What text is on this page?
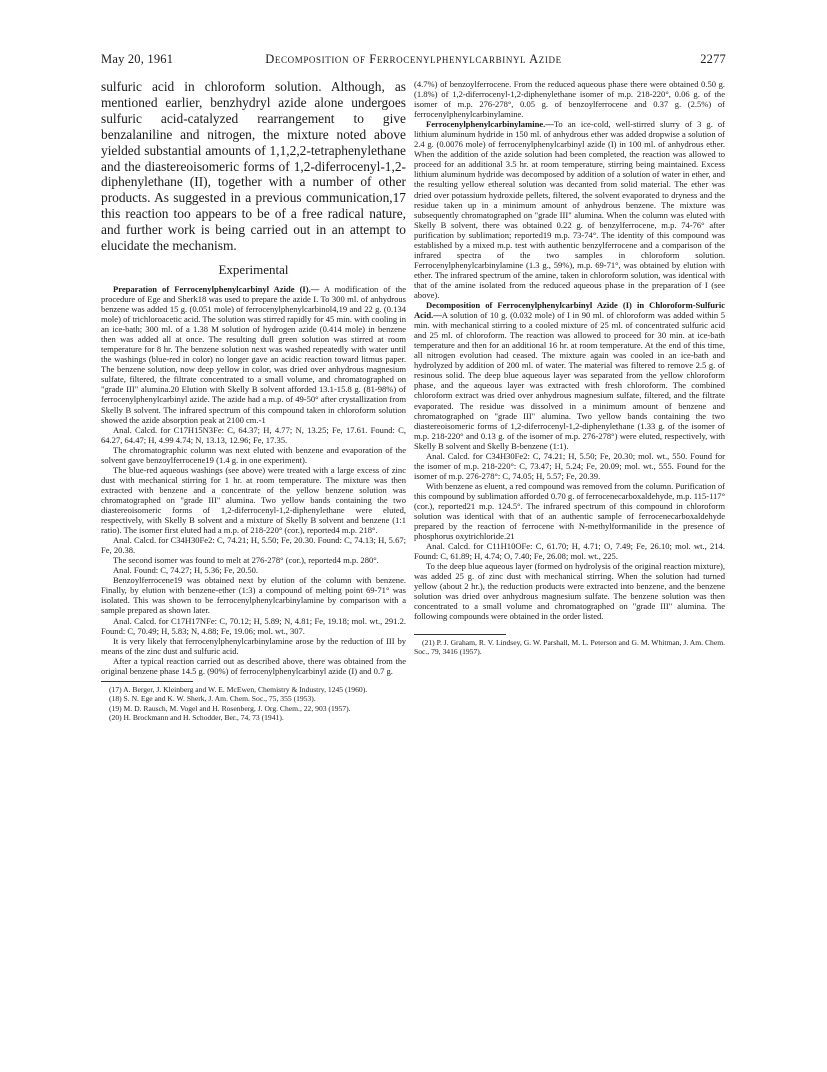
May 20, 1961	Decomposition of Ferrocenylphenylcarbinyl Azide	2277

sulfuric acid in chloroform solution. Although, as mentioned earlier, benzhydryl azide alone undergoes sulfuric acid-catalyzed rearrangement to give benzalaniline and nitrogen, the mixture noted above yielded substantial amounts of 1,1,2,2-tetraphenylethane and the diastereoisomeric forms of 1,2-diferrocenyl-1,2-diphenylethane (II), together with a number of other products. As suggested in a previous communication,17 this reaction too appears to be of a free radical nature, and further work is being carried out in an attempt to elucidate the mechanism.

Experimental

Preparation of Ferrocenylphenylcarbinyl Azide (I).— A modification of the procedure of Ege and Sherk18 was used to prepare the azide I. To 300 ml. of anhydrous benzene was added 15 g. (0.051 mole) of ferrocenylphenylcarbinol4,19 and 22 g. (0.134 mole) of trichloroacetic acid. The solution was stirred rapidly for 45 min. with cooling in an ice-bath; 300 ml. of a 1.38 M solution of hydrogen azide (0.414 mole) in benzene then was added all at once. The resulting dull green solution was stirred at room temperature for 8 hr. The benzene solution next was washed repeatedly with water until the washings (blue-red in color) no longer gave an acidic reaction toward litmus paper. The benzene solution, now deep yellow in color, was dried over anhydrous magnesium sulfate, filtered, the filtrate concentrated to a small volume, and chromatographed on "grade III" alumina.20 Elution with Skelly B solvent afforded 13.1-15.8 g. (81-98%) of ferrocenylphenylcarbinyl azide. The azide had a m.p. of 49-50° after crystallization from Skelly B solvent. The infrared spectrum of this compound taken in chloroform solution showed the azide absorption peak at 2100 cm.-1

Anal. Calcd. for C17H15N3Fe: C, 64.37; H, 4.77; N, 13.25; Fe, 17.61. Found: C, 64.27, 64.47; H, 4.99 4.74; N, 13.13, 12.96; Fe, 17.35.

The chromatographic column was next eluted with benzene and evaporation of the solvent gave benzoylferrocene19 (1.4 g. in one experiment).

The blue-red aqueous washings (see above) were treated with a large excess of zinc dust with mechanical stirring for 1 hr. at room temperature. The mixture was then extracted with benzene and a concentrate of the yellow benzene solution was chromatographed on "grade III" alumina. Two yellow bands containing the two diastereoisomeric forms of 1,2-diferrocenyl-1,2-diphenylethane were eluted, respectively, with Skelly B solvent and a mixture of Skelly B solvent and benzene (1:1 ratio). The isomer first eluted had a m.p. of 218-220° (cor.), reported4 m.p. 218°.

Anal. Calcd. for C34H30Fe2: C, 74.21; H, 5.50; Fe, 20.30. Found: C, 74.13; H, 5.67; Fe, 20.38.

The second isomer was found to melt at 276-278° (cor.), reported4 m.p. 280°.

Anal. Found: C, 74.27; H, 5.36; Fe, 20.50.

Benzoylferrocene19 was obtained next by elution of the column with benzene. Finally, by elution with benzene-ether (1:3) a compound of melting point 69-71° was isolated. This was shown to be ferrocenylphenylcarbinylamine by comparison with a sample prepared as shown later.

Anal. Calcd. for C17H17NFe: C, 70.12; H, 5.89; N, 4.81; Fe, 19.18; mol. wt., 291.2. Found: C, 70.49; H, 5.83; N, 4.88; Fe, 19.06; mol. wt., 307.

It is very likely that ferrocenylphenylcarbinylamine arose by the reduction of III by means of the zinc dust and sulfuric acid.

After a typical reaction carried out as described above, there was obtained from the original benzene phase 14.5 g. (90%) of ferrocenylphenylcarbinyl azide (I) and 0.7 g.

(17) A. Berger, J. Kleinberg and W. E. McEwen, Chemistry & Industry, 1245 (1960).

(18) S. N. Ege and K. W. Sherk, J. Am. Chem. Soc., 75, 355 (1953).

(19) M. D. Rausch, M. Vogel and H. Rosenberg, J. Org. Chem., 22, 903 (1957).

(20) H. Brockmann and H. Schodder, Ber., 74, 73 (1941).

(4.7%) of benzoylferrocene. From the reduced aqueous phase there were obtained 0.50 g. (1.8%) of 1,2-diferrocenyl-1,2-diphenylethane isomer of m.p. 218-220°, 0.06 g. of the isomer of m.p. 276-278°, 0.05 g. of benzoylferrocene and 0.37 g. (2.5%) of ferrocenylphenylcarbinylamine.

Ferrocenylphenylcarbinylamine.—To an ice-cold, well-stirred slurry of 3 g. of lithium aluminum hydride in 150 ml. of anhydrous ether was added dropwise a solution of 2.4 g. (0.0076 mole) of ferrocenylphenylcarbinyl azide (I) in 100 ml. of anhydrous ether. When the addition of the azide solution had been completed, the reaction was allowed to proceed for an additional 3.5 hr. at room temperature, stirring being maintained. Excess lithium aluminum hydride was decomposed by addition of a solution of water in ether, and the resulting yellow ethereal solution was decanted from solid material. The ether was dried over potassium hydroxide pellets, filtered, the solvent evaporated to dryness and the residue taken up in a minimum amount of anhydrous benzene. The mixture was subsequently chromatographed on "grade III" alumina. When the column was eluted with Skelly B solvent, there was obtained 0.22 g. of benzylferrocene, m.p. 74-76° after purification by sublimation; reported19 m.p. 73-74°. The identity of this compound was established by a mixed m.p. test with authentic benzylferrocene and a comparison of the infrared spectra of the two samples in chloroform solution. Ferrocenylphenylcarbinylamine (1.3 g., 59%), m.p. 69-71°, was obtained by elution with ether. The infrared spectrum of the amine, taken in chloroform solution, was identical with that of the amine isolated from the reduced aqueous phase in the preparation of I (see above).

Decomposition of Ferrocenylphenylcarbinyl Azide (I) in Chloroform-Sulfuric Acid.—A solution of 10 g. (0.032 mole) of I in 90 ml. of chloroform was added within 5 min. with mechanical stirring to a cooled mixture of 25 ml. of concentrated sulfuric acid and 25 ml. of chloroform. The reaction was allowed to proceed for 30 min. at ice-bath temperature and then for an additional 16 hr. at room temperature. At the end of this time, all nitrogen evolution had ceased. The mixture again was cooled in an ice-bath and hydrolyzed by addition of 200 ml. of water. The material was filtered to remove 2.5 g. of resinous solid. The deep blue aqueous layer was separated from the yellow chloroform phase, and the aqueous layer was extracted with fresh chloroform. The combined chloroform extract was dried over anhydrous magnesium sulfate, filtered, and the filtrate evaporated. The residue was dissolved in a minimum amount of benzene and chromatographed on "grade III" alumina. Two yellow bands containing the two diastereoisomeric forms of 1,2-diferrocenyl-1,2-diphenylethane (1.33 g. of the isomer of m.p. 218-220° and 0.13 g. of the isomer of m.p. 276-278°) were eluted, respectively, with Skelly B solvent and Skelly B-benzene (1:1).

Anal. Calcd. for C34H30Fe2: C, 74.21; H, 5.50; Fe, 20.30; mol. wt., 550. Found for the isomer of m.p. 218-220°: C, 73.47; H, 5.24; Fe, 20.09; mol. wt., 555. Found for the isomer of m.p. 276-278°: C, 74.05; H, 5.57; Fe, 20.39.

With benzene as eluent, a red compound was removed from the column. Purification of this compound by sublimation afforded 0.70 g. of ferrocenecarboxaldehyde, m.p. 115-117° (cor.), reported21 m.p. 124.5°. The infrared spectrum of this compound in chloroform solution was identical with that of an authentic sample of ferrocenecarboxaldehyde prepared by the reaction of ferrocene with N-methylformanilide in the presence of phosphorus oxytrichloride.21

Anal. Calcd. for C11H10OFe: C, 61.70; H, 4.71; O, 7.49; Fe, 26.10; mol. wt., 214. Found: C, 61.89; H, 4.74; O, 7.40; Fe, 26.08; mol. wt., 225.

To the deep blue aqueous layer (formed on hydrolysis of the original reaction mixture), was added 25 g. of zinc dust with mechanical stirring. When the solution had turned yellow (about 2 hr.), the reduction products were extracted into benzene, and the benzene solution was dried over anhydrous magnesium sulfate. The benzene solution was then concentrated to a small volume and chromatographed on "grade III" alumina. The following compounds were obtained in the order listed.

(21) P. J. Graham, R. V. Lindsey, G. W. Parshall, M. L. Peterson and G. M. Whitman, J. Am. Chem. Soc., 79, 3416 (1957).
